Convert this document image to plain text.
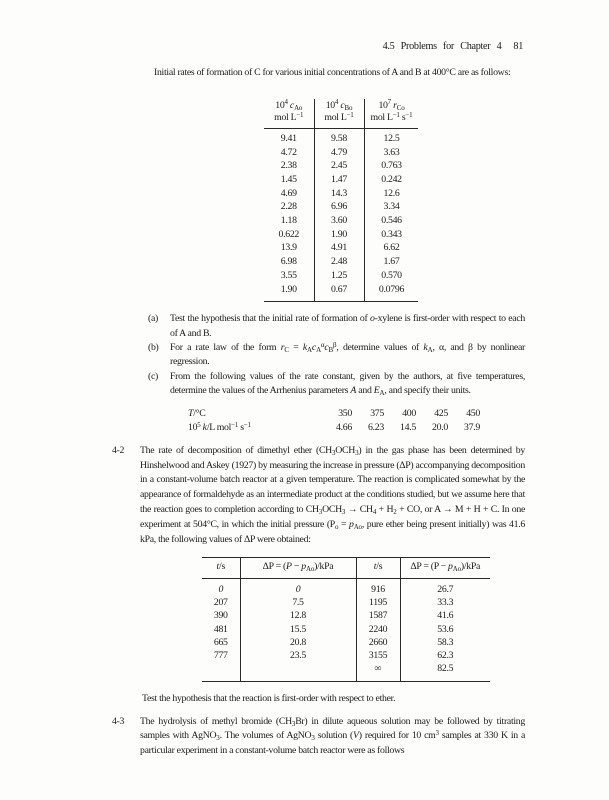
4.5 Problems for Chapter 4 81

Initial rates of formation of C for various initial concentrations of A and B at 400°C are as follows:

$10^4$ $c_{Ao}$
mol $L^{-1}$

$10^4$ $c_{Bo}$
mol $L^{-1}$

$10^7$ $r_{Co}$
mol $L^{-1}$ $s^{-1}$

9.41	9.58	12.5
4.72	4.79	3.63
2.38	2.45	0.763
1.45	1.47	0.242
4.69	14.3	12.6
2.28	6.96	3.34
1.18	3.60	0.546
0.622	1.90	0.343
13.9	4.91	6.62
6.98	2.48	1.67
3.55	1.25	0.570
1.90	0.67	0.0796
(a)	Test the hypothesis that the initial rate of formation of o-xylene is first-order with respect to each of A and B.
(b)	For a rate law of the form $r_C = k_Ac_A^\alpha c_B^\beta$, determine values of $k_A$, α, and β by nonlinear regression.
(c)	From the following values of the rate constant, given by the authors, at five temperatures, determine the values of the Arrhenius parameters A and $E_A$, and specify their units.
T/°C	350 375 400 425 450
$10^5$ k/L mol$^{-1}$ $s^{-1}$	4.66 6.23 14.5 20.0 37.9
4-2	The rate of decomposition of dimethyl ether $(CH_3OCH_3)$ in the gas phase has been determined by Hinshelwood and Askey (1927) by measuring the increase in pressure (ΔP) accompanying decomposition in a constant-volume batch reactor at a given temperature. The reaction is complicated somewhat by the appearance of formaldehyde as an intermediate product at the conditions studied, but we assume here that the reaction goes to completion according to $CH_3OCH_3 \to CH_4 + H_2$ + CO, or A → M + H + C. In one experiment at 504°C, in which the initial pressure ($P_o = p_{Ao}$, pure ether being present initially) was 41.6 kPa, the following values of ΔP were obtained:
t/s	$\Delta P = (P - p_{Ao})$/kPa	t/s	$\Delta P = (P - p_{Ao})$/kPa
0	0	916	26.7
207	7.5	1195	33.3
390	12.8	1587	41.6
481	15.5	2240	53.6
665	20.8	2660	58.3
777	23.5	3155	62.3
		∞	82.5

Test the hypothesis that the reaction is first-order with respect to ether.

4-3	The hydrolysis of methyl bromide $(CH_3Br)$ in dilute aqueous solution may be followed by titrating samples with AgNO$_3$. The volumes of AgNO$_3$ solution (V) required for 10 $cm^3$ samples at 330 K in a particular experiment in a constant-volume batch reactor were as follows
